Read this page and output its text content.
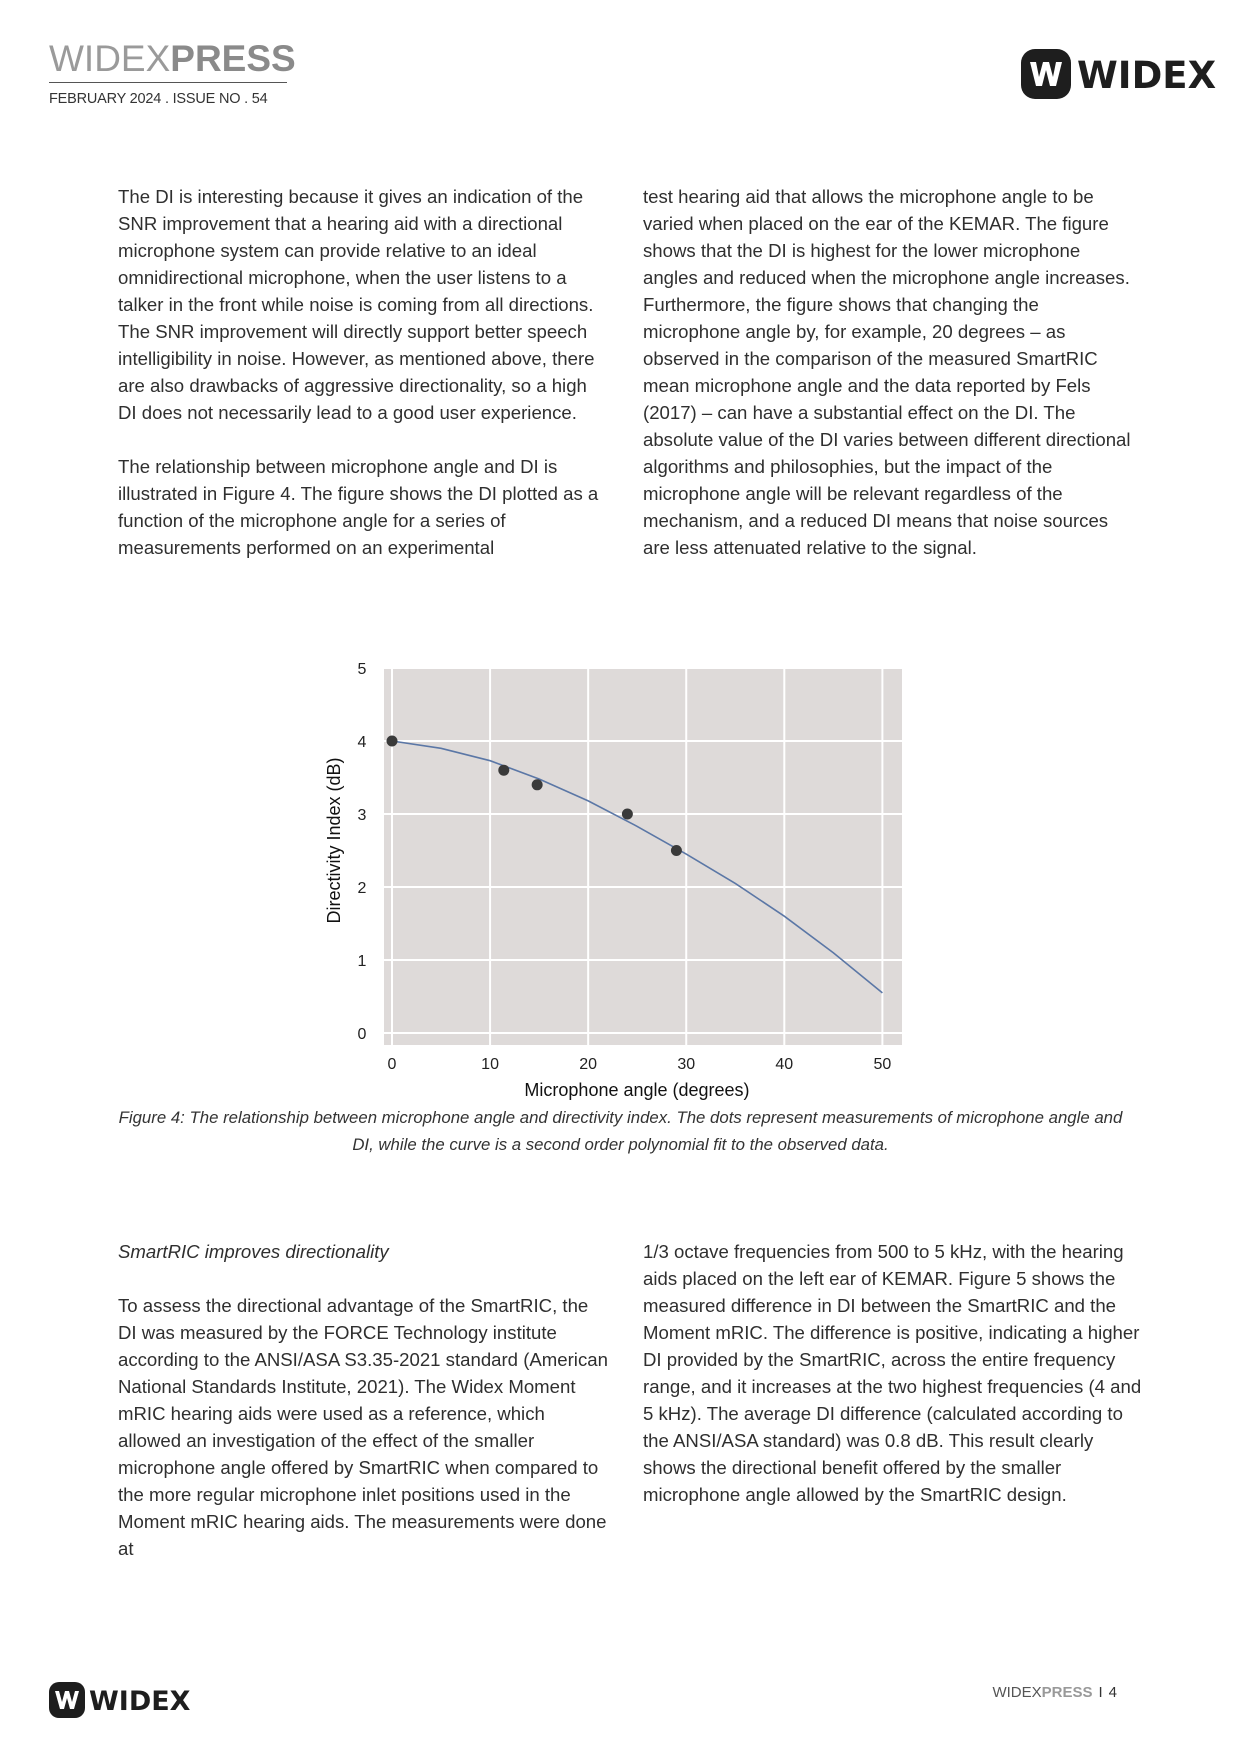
WIDEXPRESS
FEBRUARY 2024 . ISSUE NO . 54
WIDEX

The DI is interesting because it gives an indication of the SNR improvement that a hearing aid with a directional microphone system can provide relative to an ideal omnidirectional microphone, when the user listens to a talker in the front while noise is coming from all directions. The SNR improvement will directly support better speech intelligibility in noise. However, as mentioned above, there are also drawbacks of aggressive directionality, so a high DI does not necessarily lead to a good user experience.

The relationship between microphone angle and DI is illustrated in Figure 4. The figure shows the DI plotted as a function of the microphone angle for a series of measurements performed on an experimental

test hearing aid that allows the microphone angle to be varied when placed on the ear of the KEMAR. The figure shows that the DI is highest for the lower microphone angles and reduced when the microphone angle increases. Furthermore, the figure shows that changing the microphone angle by, for example, 20 degrees – as observed in the comparison of the measured SmartRIC mean microphone angle and the data reported by Fels (2017) – can have a substantial effect on the DI. The absolute value of the DI varies between different directional algorithms and philosophies, but the impact of the microphone angle will be relevant regardless of the mechanism, and a reduced DI means that noise sources are less attenuated relative to the signal.

0
1
2
3
4
5
0	10	20	30	40	50
Microphone angle (degrees)
Directivity Index (dB)
Figure 4: The relationship between microphone angle and directivity index. The dots represent measurements of microphone angle and DI, while the curve is a second order polynomial fit to the observed data.

SmartRIC improves directionality

To assess the directional advantage of the SmartRIC, the DI was measured by the FORCE Technology institute according to the ANSI/ASA S3.35-2021 standard (American National Standards Institute, 2021). The Widex Moment mRIC hearing aids were used as a reference, which allowed an investigation of the effect of the smaller microphone angle offered by SmartRIC when compared to the more regular microphone inlet positions used in the Moment mRIC hearing aids. The measurements were done at

1/3 octave frequencies from 500 to 5 kHz, with the hearing aids placed on the left ear of KEMAR. Figure 5 shows the measured difference in DI between the SmartRIC and the Moment mRIC. The difference is positive, indicating a higher DI provided by the SmartRIC, across the entire frequency range, and it increases at the two highest frequencies (4 and 5 kHz). The average DI difference (calculated according to the ANSI/ASA standard) was 0.8 dB. This result clearly shows the directional benefit offered by the smaller microphone angle allowed by the SmartRIC design.

WIDEX	WIDEXPRESS I 4
